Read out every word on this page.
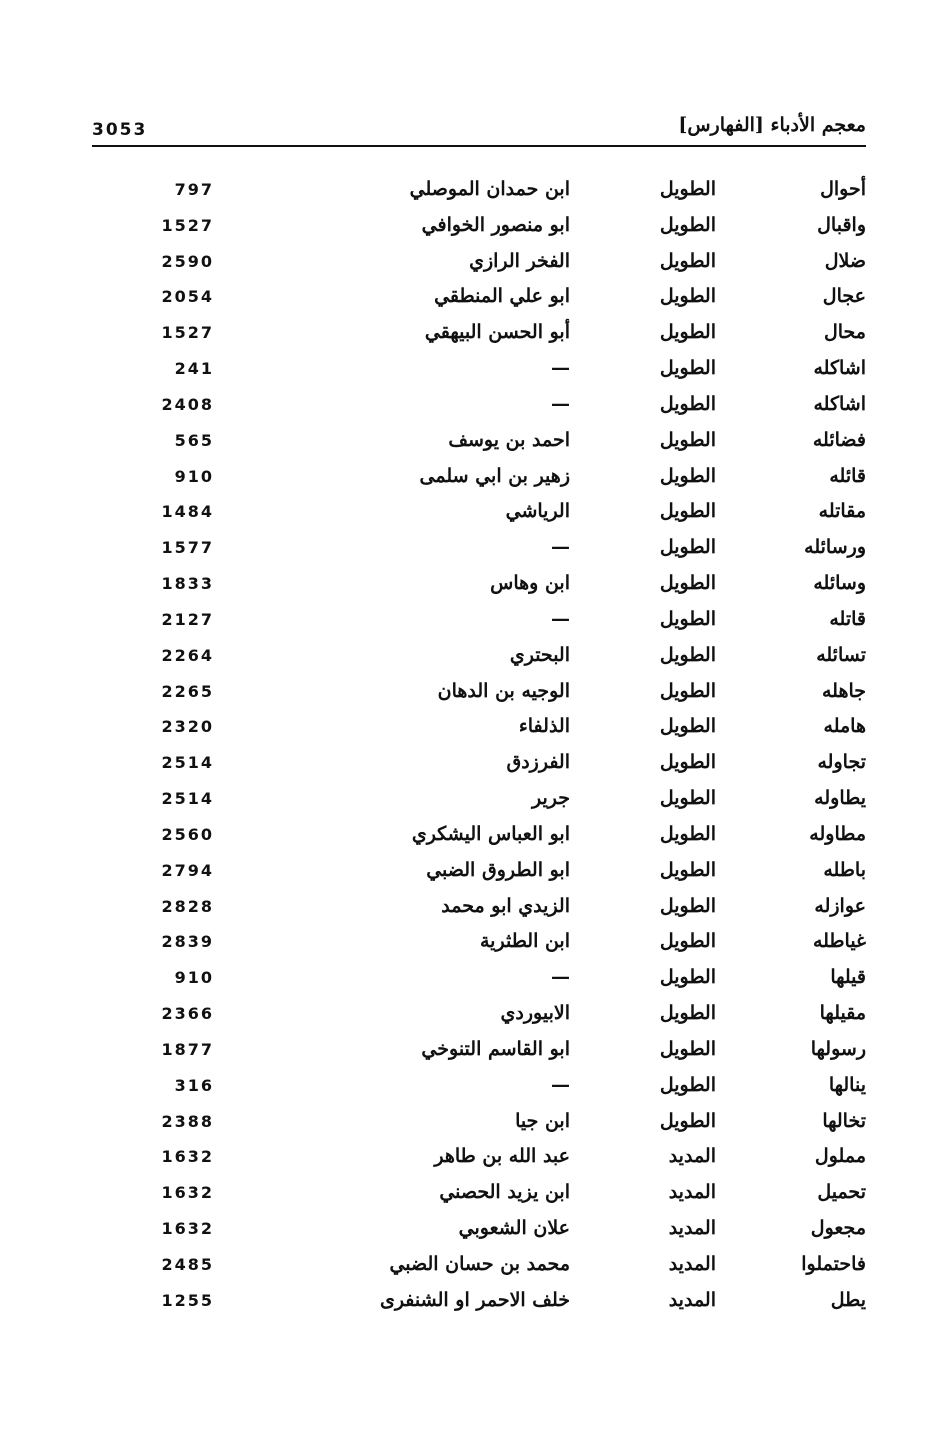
3053	معجم الأدباء [الفهارس]
أحوال
الطويل
ابن حمدان الموصلي
797
واقبال
الطويل
ابو منصور الخوافي
1527
ضلال
الطويل
الفخر الرازي
2590
عجال
الطويل
ابو علي المنطقي
2054
محال
الطويل
أبو الحسن البيهقي
1527
اشاكله
الطويل
—
241
اشاكله
الطويل
—
2408
فضائله
الطويل
احمد بن يوسف
565
قائله
الطويل
زهير بن ابي سلمى
910
مقاتله
الطويل
الرياشي
1484
ورسائله
الطويل
—
1577
وسائله
الطويل
ابن وهاس
1833
قاتله
الطويل
—
2127
تسائله
الطويل
البحتري
2264
جاهله
الطويل
الوجيه بن الدهان
2265
هامله
الطويل
الذلفاء
2320
تجاوله
الطويل
الفرزدق
2514
يطاوله
الطويل
جرير
2514
مطاوله
الطويل
ابو العباس اليشكري
2560
باطله
الطويل
ابو الطروق الضبي
2794
عوازله
الطويل
الزيدي ابو محمد
2828
غياطله
الطويل
ابن الطثرية
2839
قيلها
الطويل
—
910
مقيلها
الطويل
الابيوردي
2366
رسولها
الطويل
ابو القاسم التنوخي
1877
ينالها
الطويل
—
316
تخالها
الطويل
ابن جيا
2388
مملول
المديد
عبد الله بن طاهر
1632
تحميل
المديد
ابن يزيد الحصني
1632
مجعول
المديد
علان الشعوبي
1632
فاحتملوا
المديد
محمد بن حسان الضبي
2485
يطل
المديد
خلف الاحمر او الشنفرى
1255
